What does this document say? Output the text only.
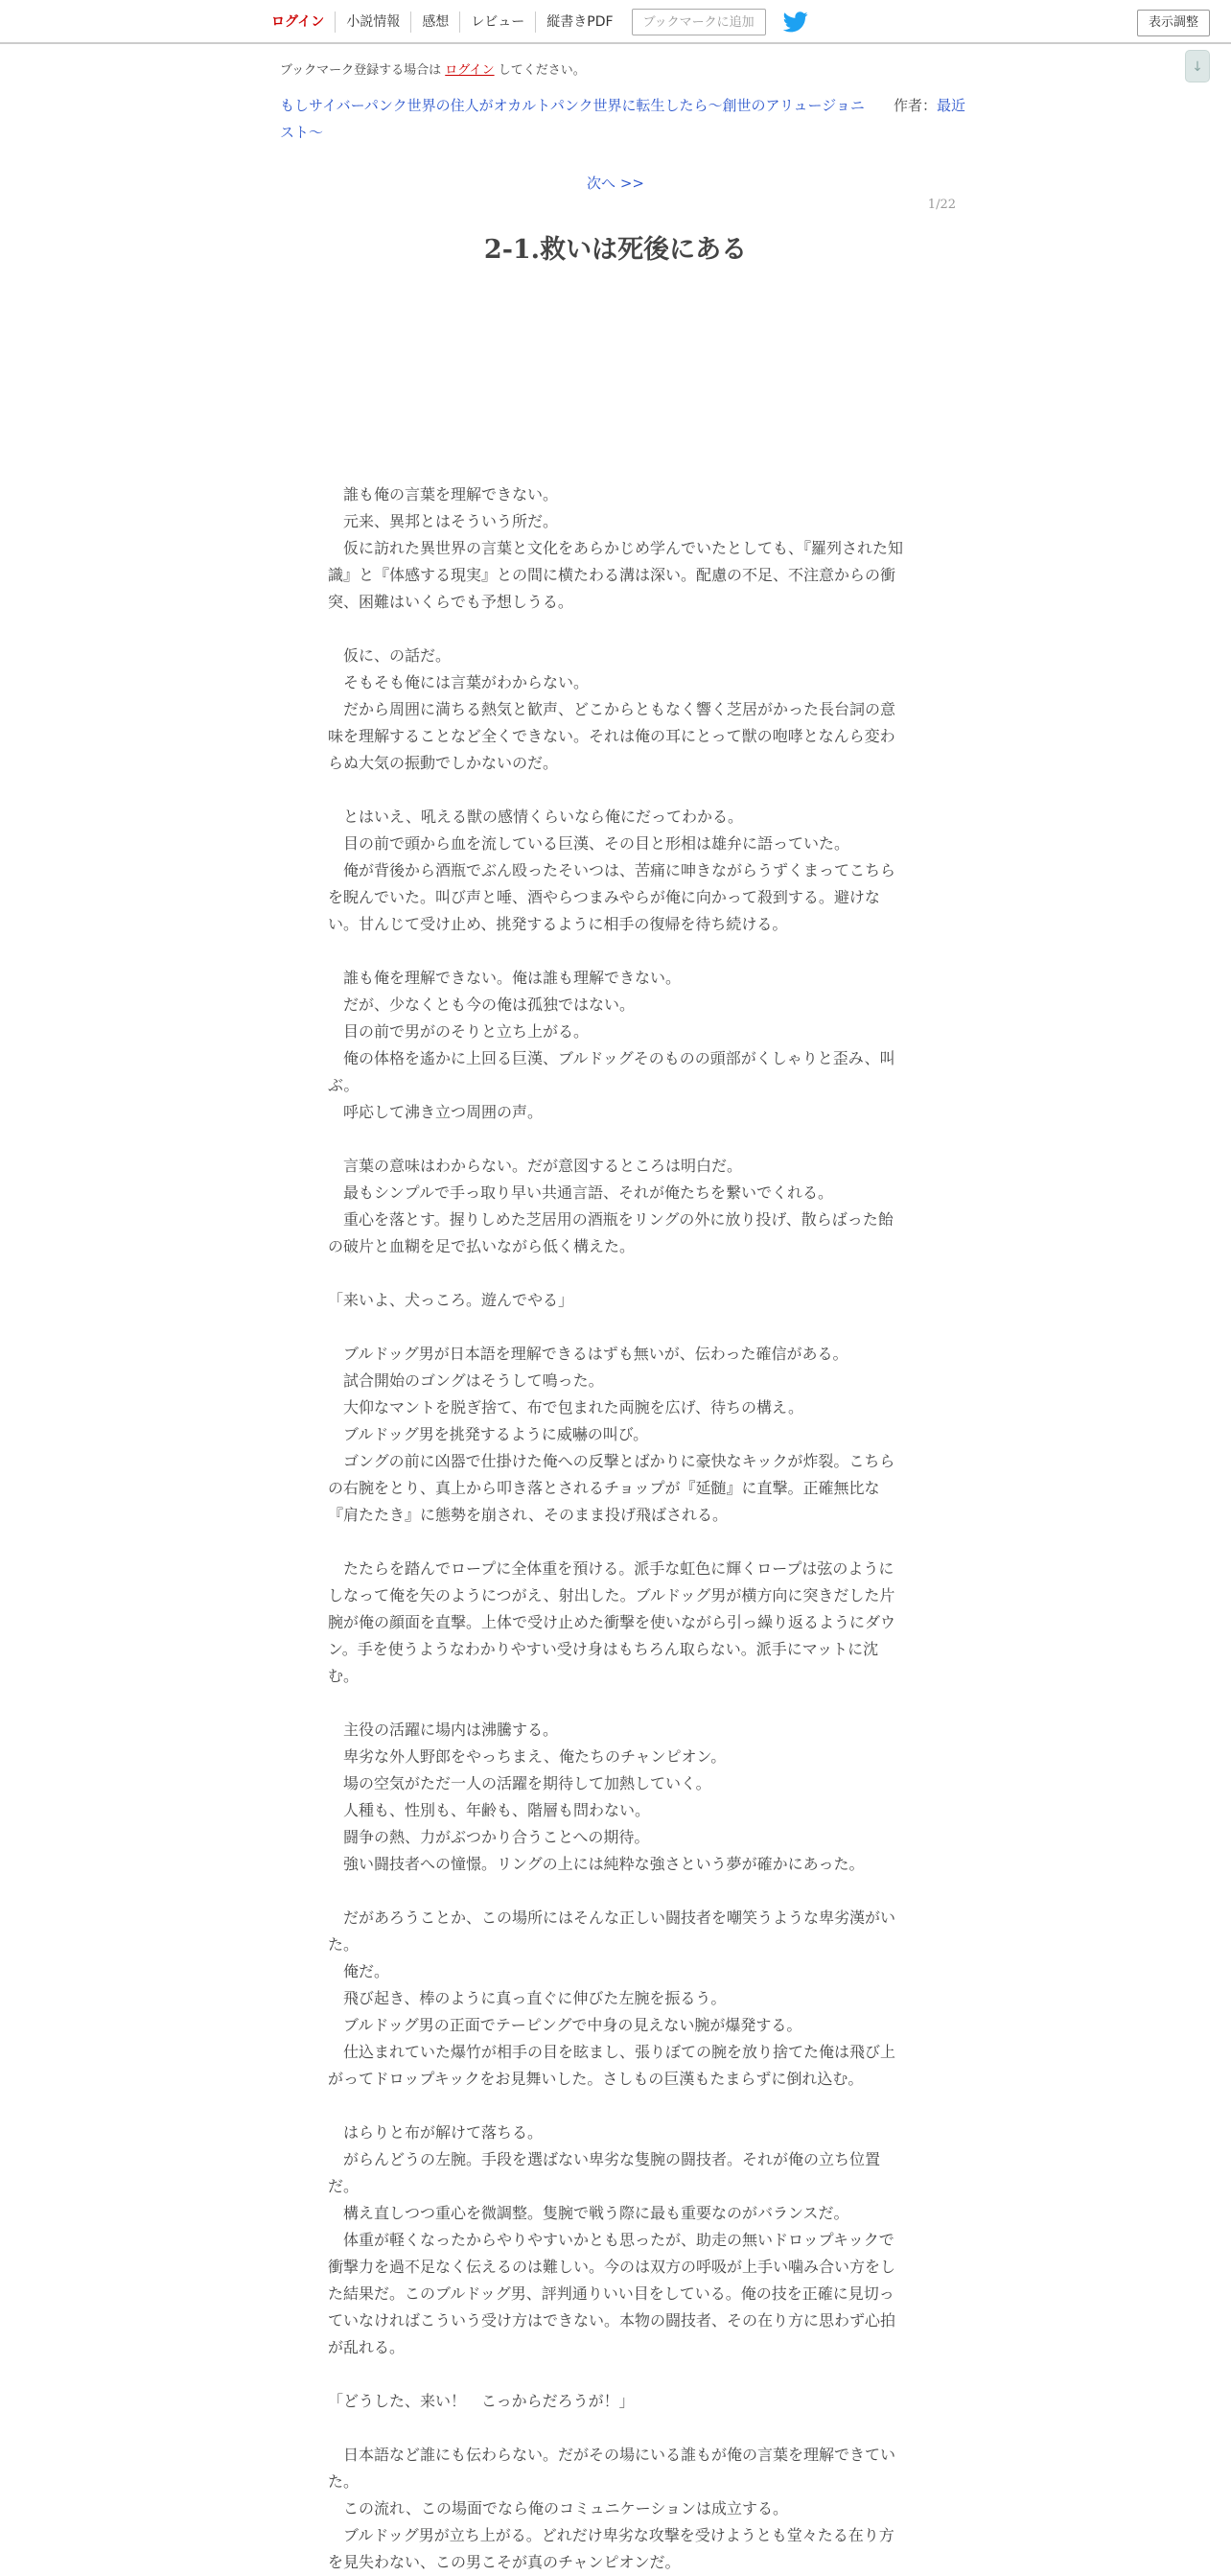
ログイン	小説情報	感想	レビュー	縦書きPDF	ブックマークに追加	表示調整
↓
ブックマーク登録する場合は ログイン してください。
もしサイバーパンク世界の住人がオカルトパンク世界に転生したら～創世のアリュージョニスト～
作者：最近
次へ >>
1/22
2-1.救いは死後にある

　誰も俺の言葉を理解できない。

　元来、異邦とはそういう所だ。

　仮に訪れた異世界の言葉と文化をあらかじめ学んでいたとしても、『羅列された知識』と『体感する現実』との間に横たわる溝は深い。配慮の不足、不注意からの衝突、困難はいくらでも予想しうる。

　仮に、の話だ。

　そもそも俺には言葉がわからない。

　だから周囲に満ちる熱気と歓声、どこからともなく響く芝居がかった長台詞の意味を理解することなど全くできない。それは俺の耳にとって獣の咆哮となんら変わらぬ大気の振動でしかないのだ。

　とはいえ、吼える獣の感情くらいなら俺にだってわかる。

　目の前で頭から血を流している巨漢、その目と形相は雄弁に語っていた。

　俺が背後から酒瓶でぶん殴ったそいつは、苦痛に呻きながらうずくまってこちらを睨んでいた。叫び声と唾、酒やらつまみやらが俺に向かって殺到する。避けない。甘んじて受け止め、挑発するように相手の復帰を待ち続ける。

　誰も俺を理解できない。俺は誰も理解できない。

　だが、少なくとも今の俺は孤独ではない。

　目の前で男がのそりと立ち上がる。

　俺の体格を遙かに上回る巨漢、ブルドッグそのものの頭部がくしゃりと歪み、叫ぶ。

　呼応して沸き立つ周囲の声。

　言葉の意味はわからない。だが意図するところは明白だ。

　最もシンプルで手っ取り早い共通言語、それが俺たちを繋いでくれる。

　重心を落とす。握りしめた芝居用の酒瓶をリングの外に放り投げ、散らばった飴の破片と血糊を足で払いながら低く構えた。

「来いよ、犬っころ。遊んでやる」

　ブルドッグ男が日本語を理解できるはずも無いが、伝わった確信がある。

　試合開始のゴングはそうして鳴った。

　大仰なマントを脱ぎ捨て、布で包まれた両腕を広げ、待ちの構え。

　ブルドッグ男を挑発するように威嚇の叫び。

　ゴングの前に凶器で仕掛けた俺への反撃とばかりに豪快なキックが炸裂。こちらの右腕をとり、真上から叩き落とされるチョップが『延髄』に直撃。正確無比な『肩たたき』に態勢を崩され、そのまま投げ飛ばされる。

　たたらを踏んでロープに全体重を預ける。派手な虹色に輝くロープは弦のようにしなって俺を矢のようにつがえ、射出した。ブルドッグ男が横方向に突きだした片腕が俺の顔面を直撃。上体で受け止めた衝撃を使いながら引っ繰り返るようにダウン。手を使うようなわかりやすい受け身はもちろん取らない。派手にマットに沈む。

　主役の活躍に場内は沸騰する。

　卑劣な外人野郎をやっちまえ、俺たちのチャンピオン。

　場の空気がただ一人の活躍を期待して加熱していく。

　人種も、性別も、年齢も、階層も問わない。

　闘争の熱、力がぶつかり合うことへの期待。

　強い闘技者への憧憬。リングの上には純粋な強さという夢が確かにあった。

　だがあろうことか、この場所にはそんな正しい闘技者を嘲笑うような卑劣漢がいた。

　俺だ。

　飛び起き、棒のように真っ直ぐに伸びた左腕を振るう。

　ブルドッグ男の正面でテーピングで中身の見えない腕が爆発する。

　仕込まれていた爆竹が相手の目を眩まし、張りぼての腕を放り捨てた俺は飛び上がってドロップキックをお見舞いした。さしもの巨漢もたまらずに倒れ込む。

　はらりと布が解けて落ちる。

　がらんどうの左腕。手段を選ばない卑劣な隻腕の闘技者。それが俺の立ち位置だ。

　構え直しつつ重心を微調整。隻腕で戦う際に最も重要なのがバランスだ。

　体重が軽くなったからやりやすいかとも思ったが、助走の無いドロップキックで衝撃力を過不足なく伝えるのは難しい。今のは双方の呼吸が上手い噛み合い方をした結果だ。このブルドッグ男、評判通りいい目をしている。俺の技を正確に見切っていなければこういう受け方はできない。本物の闘技者、その在り方に思わず心拍が乱れる。

「どうした、来い！　こっからだろうが！」

　日本語など誰にも伝わらない。だがその場にいる誰もが俺の言葉を理解できていた。

　この流れ、この場面でなら俺のコミュニケーションは成立する。

　ブルドッグ男が立ち上がる。どれだけ卑劣な攻撃を受けようとも堂々たる在り方を見失わない、この男こそが真のチャンピオンだ。
